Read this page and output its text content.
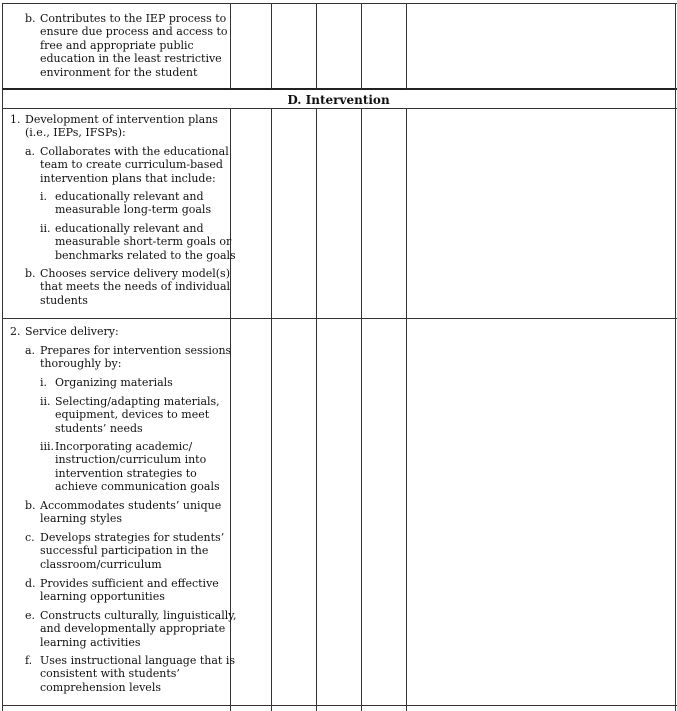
b. Contributes to the IEP process to
ensure due process and access to
free and appropriate public
education in the least restrictive
environment for the student
D. Intervention
1. Development of intervention plans
(i.e., IEPs, IFSPs):
a. Collaborates with the educational
team to create curriculum-based
intervention plans that include:
i. educationally relevant and
measurable long-term goals
ii. educationally relevant and
measurable short-term goals or
benchmarks related to the goals
b. Chooses service delivery model(s)
that meets the needs of individual
students
2. Service delivery:
a. Prepares for intervention sessions
thoroughly by:
i. Organizing materials
ii. Selecting/adapting materials,
equipment, devices to meet
students’ needs
iii. Incorporating academic/
instruction/curriculum into
intervention strategies to
achieve communication goals
b. Accommodates students’ unique
learning styles
c. Develops strategies for students’
successful participation in the
classroom/curriculum
d. Provides sufficient and effective
learning opportunities
e. Constructs culturally, linguistically,
and developmentally appropriate
learning activities
f. Uses instructional language that is
consistent with students’
comprehension levels
